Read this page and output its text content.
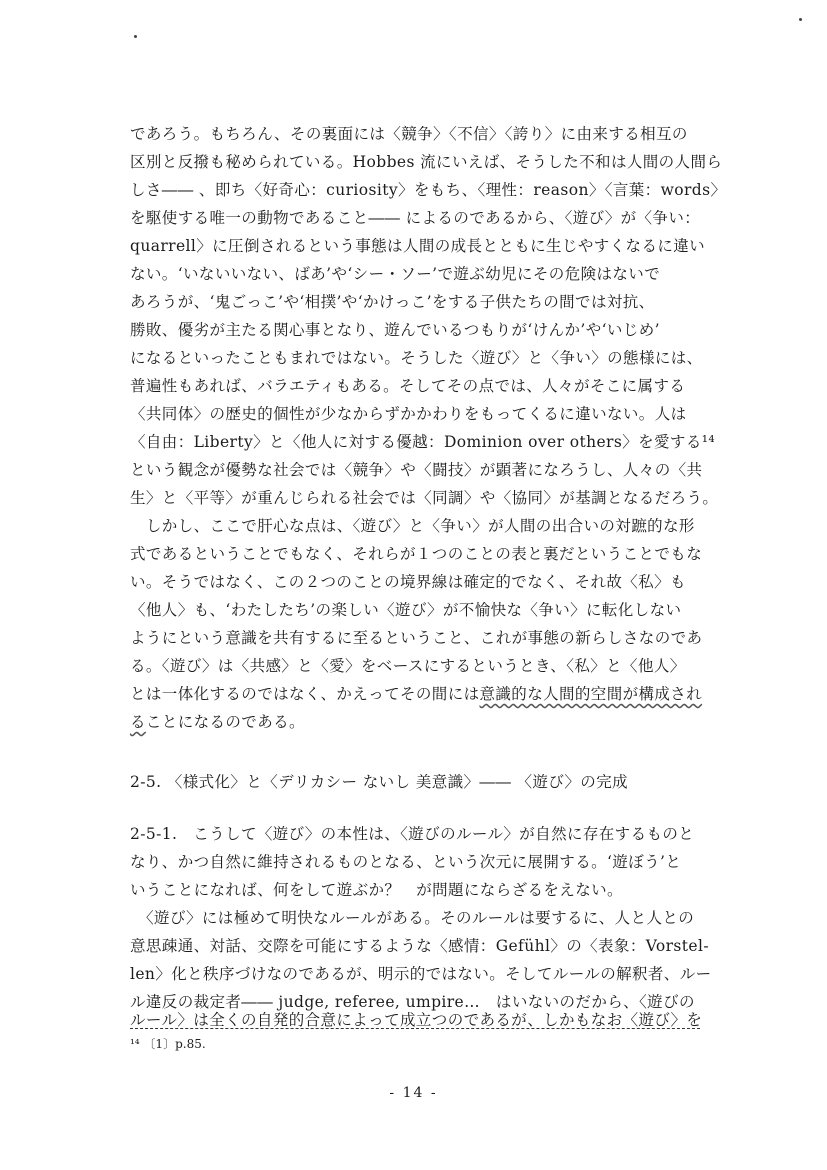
であろう。もちろん、その裏面には〈競争〉〈不信〉〈誇り〉に由来する相互の
区別と反撥も秘められている。Hobbes 流にいえば、そうした不和は人間の人間ら
しさ―― 、即ち〈好奇心：curiosity〉をもち、〈理性：reason〉〈言葉：words〉
を駆使する唯一の動物であること―― によるのであるから、〈遊び〉が〈争い：
quarrell〉に圧倒されるという事態は人間の成長とともに生じやすくなるに違い
ない。‘いないいない、ばあ’や‘シー・ソー’で遊ぶ幼児にその危険はないで
あろうが、‘鬼ごっこ’や‘相撲’や‘かけっこ’をする子供たちの間では対抗、
勝敗、優劣が主たる関心事となり、遊んでいるつもりが‘けんか’や‘いじめ’
になるといったこともまれではない。そうした〈遊び〉と〈争い〉の態様には、
普遍性もあれば、バラエティもある。そしてその点では、人々がそこに属する
〈共同体〉の歴史的個性が少なからずかかわりをもってくるに違いない。人は
〈自由：Liberty〉と〈他人に対する優越：Dominion over others〉を愛する¹⁴
という観念が優勢な社会では〈競争〉や〈闘技〉が顕著になろうし、人々の〈共
生〉と〈平等〉が重んじられる社会では〈同調〉や〈協同〉が基調となるだろう。
　しかし、ここで肝心な点は、〈遊び〉と〈争い〉が人間の出合いの対蹠的な形
式であるということでもなく、それらが１つのことの表と裏だということでもな
い。そうではなく、この２つのことの境界線は確定的でなく、それ故〈私〉も
〈他人〉も、‘わたしたち’の楽しい〈遊び〉が不愉快な〈争い〉に転化しない
ようにという意識を共有するに至るということ、これが事態の新らしさなのであ
る。〈遊び〉は〈共感〉と〈愛〉をベースにするというとき、〈私〉と〈他人〉
とは一体化するのではなく、かえってその間には意識的な人間的空間が構成され
ることになるのである。
2-5. 〈様式化〉と〈デリカシー ないし 美意識〉―― 〈遊び〉の完成
2-5-1.　こうして〈遊び〉の本性は、〈遊びのルール〉が自然に存在するものと
なり、かつ自然に維持されるものとなる、という次元に展開する。‘遊ぼう’と
いうことになれば、何をして遊ぶか？　が問題にならざるをえない。
　〈遊び〉には極めて明快なルールがある。そのルールは要するに、人と人との
意思疎通、対話、交際を可能にするような〈感情：Gefühl〉の〈表象：Vorstel-
len〉化と秩序づけなのであるが、明示的ではない。そしてルールの解釈者、ルー
ル違反の裁定者―― judge, referee, umpire…　はいないのだから、〈遊びの
ルール〉は全くの自発的合意によって成立つのであるが、しかもなお〈遊び〉を
¹⁴ 〔1〕p.85.
- 14 -
